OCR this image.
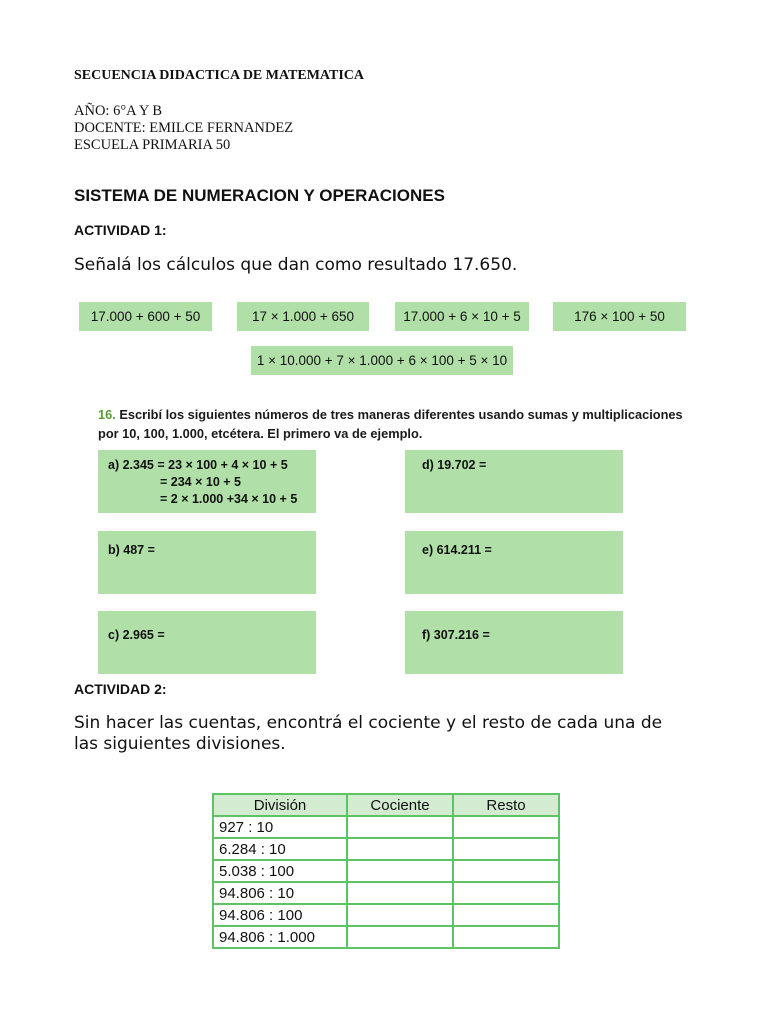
SECUENCIA DIDACTICA DE MATEMATICA
AÑO: 6°A Y B
DOCENTE: EMILCE FERNANDEZ
ESCUELA PRIMARIA 50
SISTEMA DE NUMERACION Y OPERACIONES
ACTIVIDAD 1:
Señalá los cálculos que dan como resultado 17.650.
17.000 + 600 + 50	17 × 1.000 + 650	17.000 + 6 × 10 + 5	176 × 100 + 50
1 × 10.000 + 7 × 1.000 + 6 × 100 + 5 × 10
16. Escribí los siguientes números de tres maneras diferentes usando sumas y multiplicaciones por 10, 100, 1.000, etcétera. El primero va de ejemplo.
a) 2.345 = 23 × 100 + 4 × 10 + 5
= 234 × 10 + 5
= 2 × 1.000 +34 × 10 + 5
d) 19.702 =
b) 487 =	e) 614.211 =
c) 2.965 =	f) 307.216 =
ACTIVIDAD 2:
Sin hacer las cuentas, encontrá el cociente y el resto de cada una de
las siguientes divisiones.
División	Cociente	Resto
927 : 10		
6.284 : 10		
5.038 : 100		
94.806 : 10		
94.806 : 100		
94.806 : 1.000		
